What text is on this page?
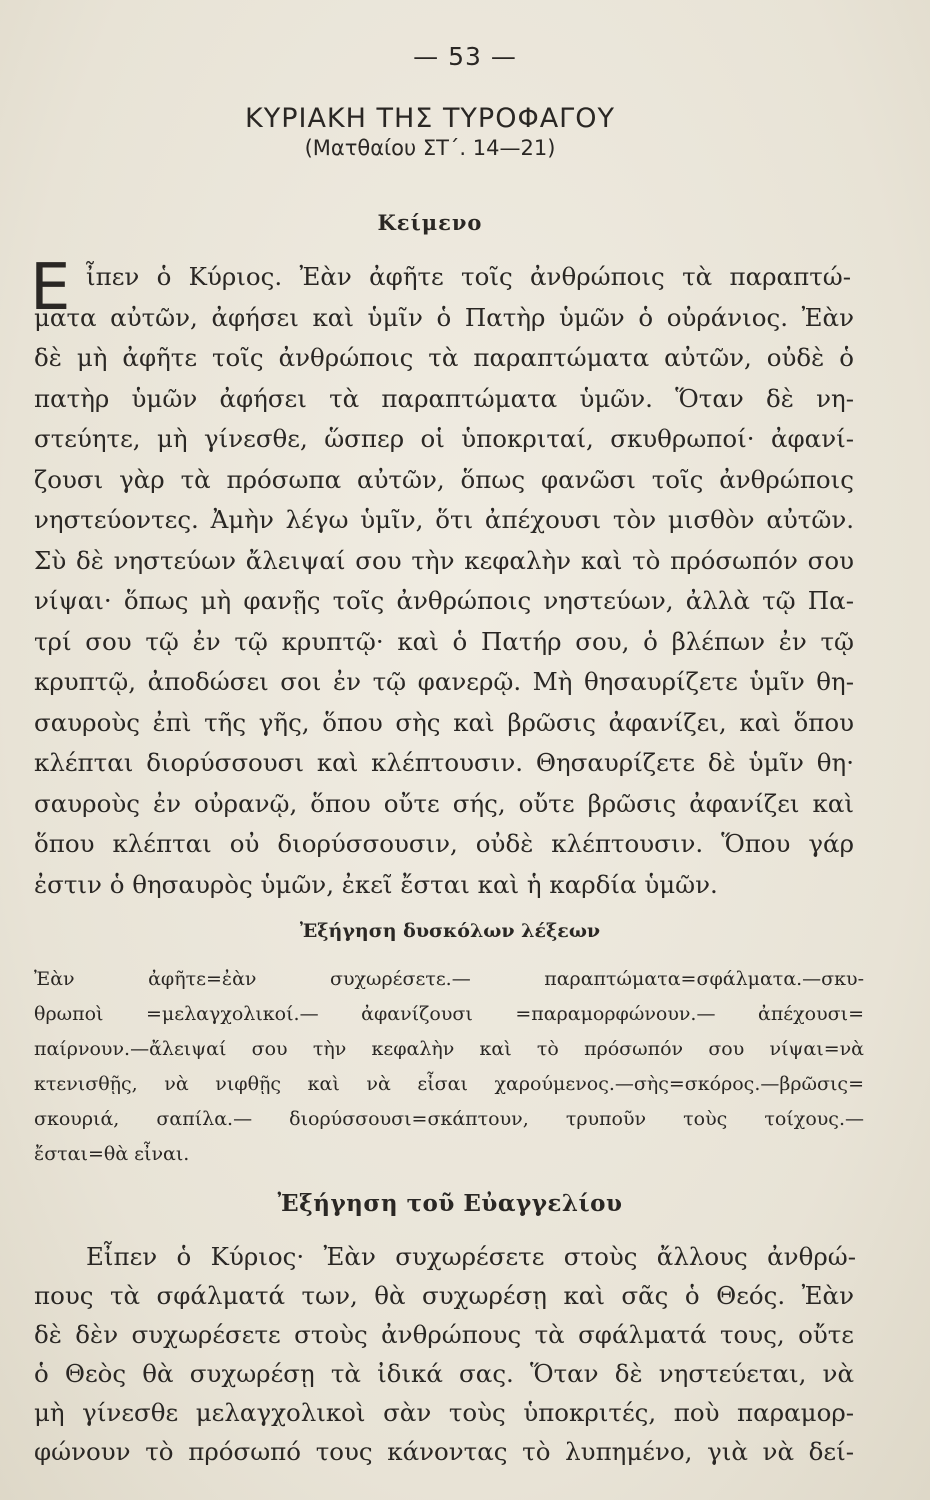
— 53 —
ΚΥΡΙΑΚΗ ΤΗΣ ΤΥΡΟΦΑΓΟΥ
(Ματθαίου ΣΤ΄. 14—21)
Κείμενο
Ε ἶπεν ὁ Κύριος. Ἐὰν ἀφῆτε τοῖς ἀνθρώποις τὰ παραπτώ-
ματα αὐτῶν, ἀφήσει καὶ ὑμῖν ὁ Πατὴρ ὑμῶν ὁ οὐράνιος. Ἐὰν
δὲ μὴ ἀφῆτε τοῖς ἀνθρώποις τὰ παραπτώματα αὐτῶν, οὐδὲ ὁ
πατὴρ ὑμῶν ἀφήσει τὰ παραπτώματα ὑμῶν. Ὅταν δὲ νη-
στεύητε, μὴ γίνεσθε, ὥσπερ οἱ ὑποκριταί, σκυθρωποί· ἀφανί-
ζουσι γὰρ τὰ πρόσωπα αὐτῶν, ὅπως φανῶσι τοῖς ἀνθρώποις
νηστεύοντες. Ἀμὴν λέγω ὑμῖν, ὅτι ἀπέχουσι τὸν μισθὸν αὐτῶν.
Σὺ δὲ νηστεύων ἄλειψαί σου τὴν κεφαλὴν καὶ τὸ πρόσωπόν σου
νίψαι· ὅπως μὴ φανῇς τοῖς ἀνθρώποις νηστεύων, ἀλλὰ τῷ Πα-
τρί σου τῷ ἐν τῷ κρυπτῷ· καὶ ὁ Πατήρ σου, ὁ βλέπων ἐν τῷ
κρυπτῷ, ἀποδώσει σοι ἐν τῷ φανερῷ. Μὴ θησαυρίζετε ὑμῖν θη-
σαυροὺς ἐπὶ τῆς γῆς, ὅπου σὴς καὶ βρῶσις ἀφανίζει, καὶ ὅπου
κλέπται διορύσσουσι καὶ κλέπτουσιν. Θησαυρίζετε δὲ ὑμῖν θη·
σαυροὺς ἐν οὐρανῷ, ὅπου οὔτε σής, οὔτε βρῶσις ἀφανίζει καὶ
ὅπου κλέπται οὐ διορύσσουσιν, οὐδὲ κλέπτουσιν. Ὅπου γάρ
ἐστιν ὁ θησαυρὸς ὑμῶν, ἐκεῖ ἔσται καὶ ἡ καρδία ὑμῶν.
Ἐξήγηση δυσκόλων λέξεων
Ἐὰν ἀφῆτε=ἐὰν συχωρέσετε.— παραπτώματα=σφάλματα.—σκυ-
θρωποὶ =μελαγχολικοί.— ἀφανίζουσι =παραμορφώνουν.— ἀπέχουσι=
παίρνουν.—ἄλειψαί σου τὴν κεφαλὴν καὶ τὸ πρόσωπόν σου νίψαι=νὰ
κτενισθῇς, νὰ νιφθῇς καὶ νὰ εἶσαι χαρούμενος.—σὴς=σκόρος.—βρῶσις=
σκουριά, σαπίλα.— διορύσσουσι=σκάπτουν, τρυποῦν τοὺς τοίχους.—
ἔσται=θὰ εἶναι.
Ἐξήγηση τοῦ Εὐαγγελίου
Εἶπεν ὁ Κύριος· Ἐὰν συχωρέσετε στοὺς ἄλλους ἀνθρώ-
πους τὰ σφάλματά των, θὰ συχωρέσῃ καὶ σᾶς ὁ Θεός. Ἐὰν
δὲ δὲν συχωρέσετε στοὺς ἀνθρώπους τὰ σφάλματά τους, οὔτε
ὁ Θεὸς θὰ συχωρέσῃ τὰ ἰδικά σας. Ὅταν δὲ νηστεύεται, νὰ
μὴ γίνεσθε μελαγχολικοὶ σὰν τοὺς ὑποκριτές, ποὺ παραμορ-
φώνουν τὸ πρόσωπό τους κάνοντας τὸ λυπημένο, γιὰ νὰ δεί-
